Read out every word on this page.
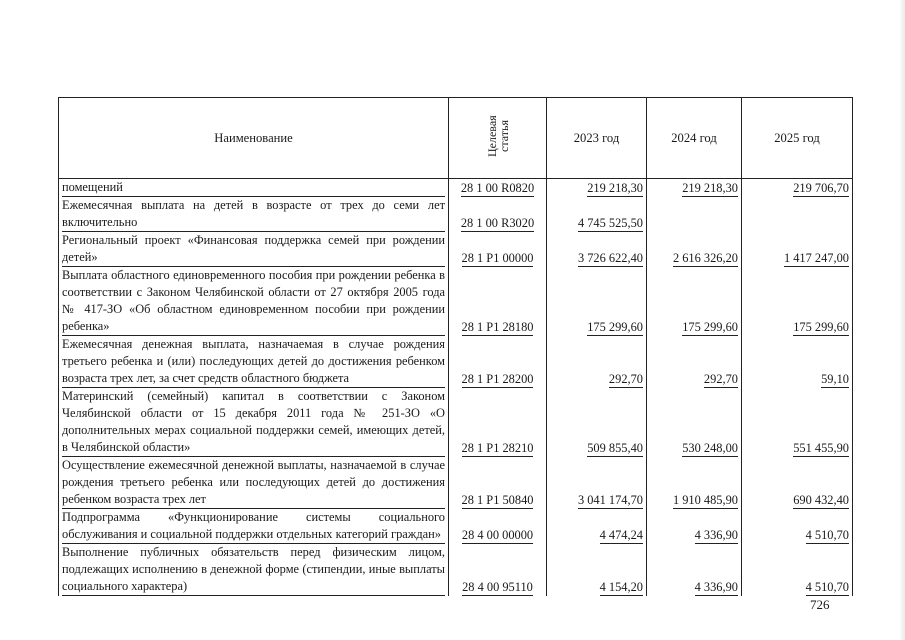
Наименование	Целевая статья	2023 год	2024 год	2025 год

помещений	28 1 00 R0820	219 218,30	219 218,30	219 706,70

Ежемесячная выплата на детей в возрасте от трех до семи лет включительно	28 1 00 R3020	4 745 525,50		

Региональный проект «Финансовая поддержка семей при рождении детей»	28 1 P1 00000	3 726 622,40	2 616 326,20	1 417 247,00

Выплата областного единовременного пособия при рождении ребенка в соответствии с Законом Челябинской области от 27 октября 2005 года № 417-ЗО «Об областном единовременном пособии при рождении ребенка»	28 1 P1 28180	175 299,60	175 299,60	175 299,60

Ежемесячная денежная выплата, назначаемая в случае рождения третьего ребенка и (или) последующих детей до достижения ребенком возраста трех лет, за счет средств областного бюджета	28 1 P1 28200	292,70	292,70	59,10

Материнский (семейный) капитал в соответствии с Законом Челябинской области от 15 декабря 2011 года № 251-ЗО «О дополнительных мерах социальной поддержки семей, имеющих детей, в Челябинской области»	28 1 P1 28210	509 855,40	530 248,00	551 455,90

Осуществление ежемесячной денежной выплаты, назначаемой в случае рождения третьего ребенка или последующих детей до достижения ребенком возраста трех лет	28 1 P1 50840	3 041 174,70	1 910 485,90	690 432,40

Подпрограмма «Функционирование системы социального обслуживания и социальной поддержки отдельных категорий граждан»	28 4 00 00000	4 474,24	4 336,90	4 510,70

Выполнение публичных обязательств перед физическим лицом, подлежащих исполнению в денежной форме (стипендии, иные выплаты социального характера)	28 4 00 95110	4 154,20	4 336,90	4 510,70
726
